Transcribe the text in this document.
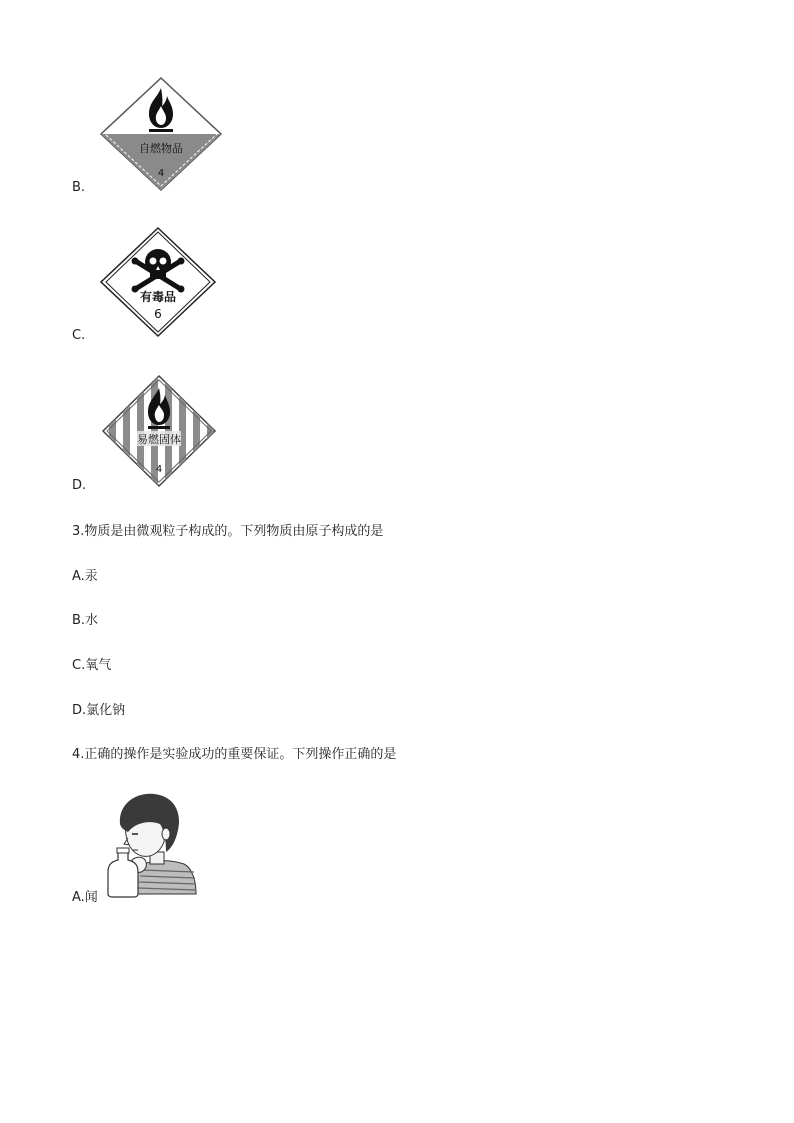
B.
自燃物品
4
C.
有毒品
6
D.
易燃固体
4
3.物质是由微观粒子构成的。下列物质由原子构成的是
A.汞
B.水
C.氧气
D.氯化钠
4.正确的操作是实验成功的重要保证。下列操作正确的是
A.闻
